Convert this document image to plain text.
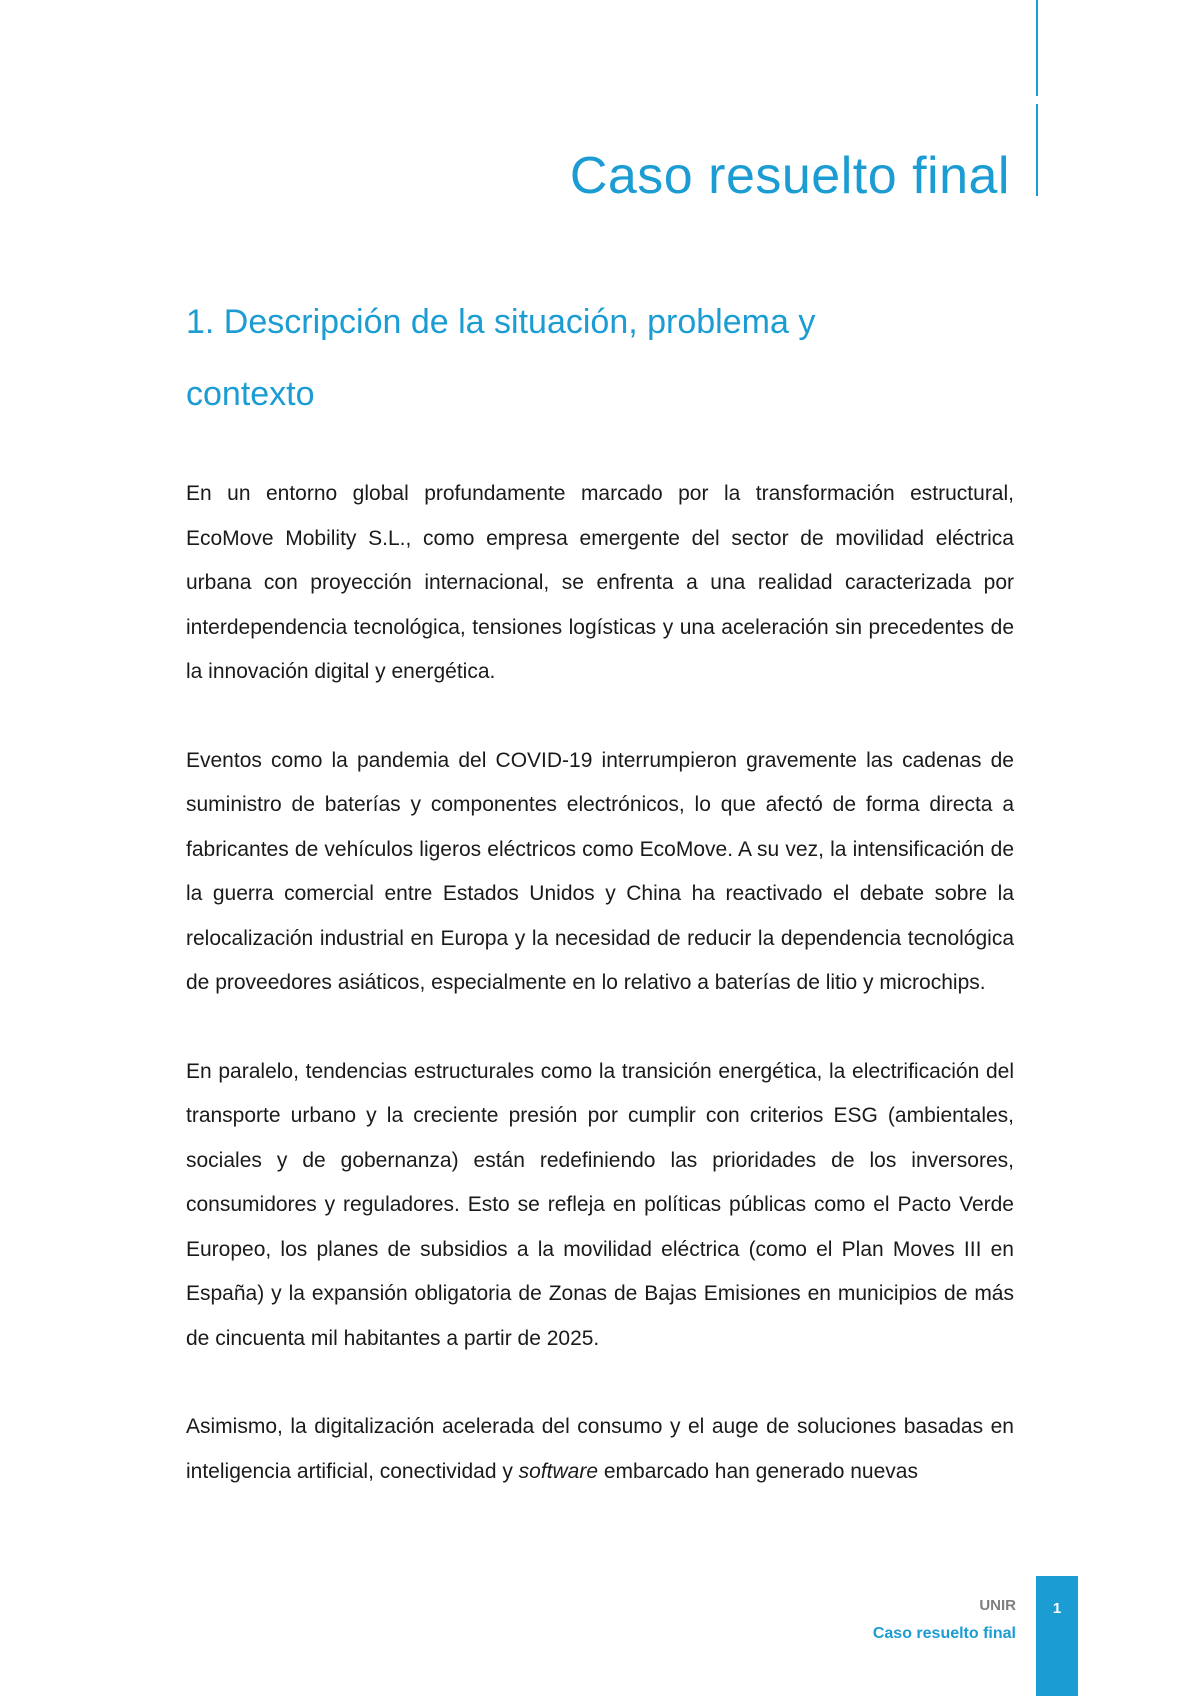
Caso resuelto final
1. Descripción de la situación, problema y contexto

En un entorno global profundamente marcado por la transformación estructural, EcoMove Mobility S.L., como empresa emergente del sector de movilidad eléctrica urbana con proyección internacional, se enfrenta a una realidad caracterizada por interdependencia tecnológica, tensiones logísticas y una aceleración sin precedentes de la innovación digital y energética.

Eventos como la pandemia del COVID-19 interrumpieron gravemente las cadenas de suministro de baterías y componentes electrónicos, lo que afectó de forma directa a fabricantes de vehículos ligeros eléctricos como EcoMove. A su vez, la intensificación de la guerra comercial entre Estados Unidos y China ha reactivado el debate sobre la relocalización industrial en Europa y la necesidad de reducir la dependencia tecnológica de proveedores asiáticos, especialmente en lo relativo a baterías de litio y microchips.

En paralelo, tendencias estructurales como la transición energética, la electrificación del transporte urbano y la creciente presión por cumplir con criterios ESG (ambientales, sociales y de gobernanza) están redefiniendo las prioridades de los inversores, consumidores y reguladores. Esto se refleja en políticas públicas como el Pacto Verde Europeo, los planes de subsidios a la movilidad eléctrica (como el Plan Moves III en España) y la expansión obligatoria de Zonas de Bajas Emisiones en municipios de más de cincuenta mil habitantes a partir de 2025.

Asimismo, la digitalización acelerada del consumo y el auge de soluciones basadas en inteligencia artificial, conectividad y software embarcado han generado nuevas

UNIR
Caso resuelto final
1
